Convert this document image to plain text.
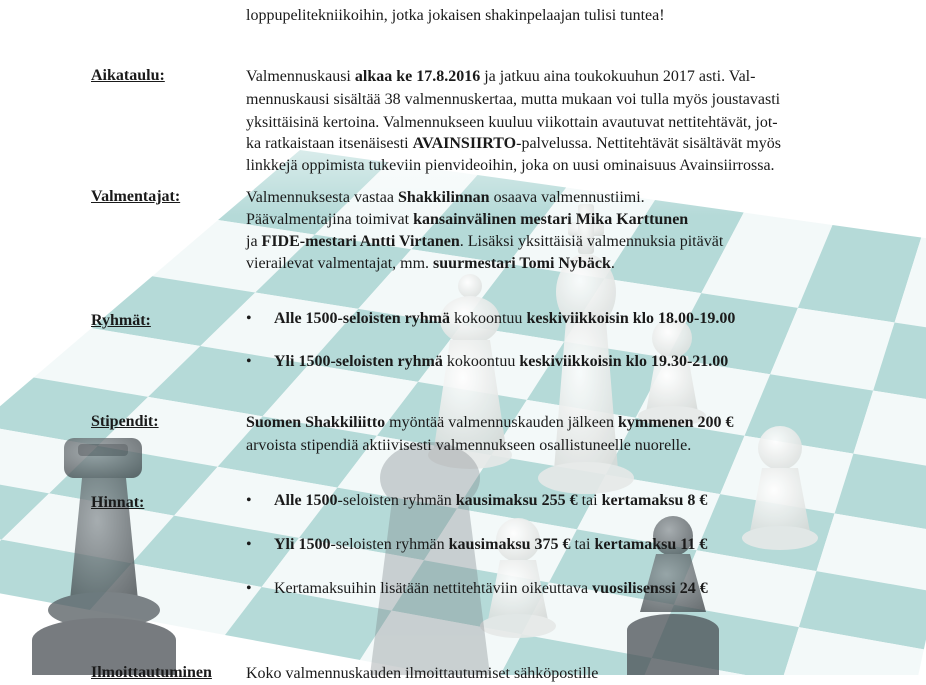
loppupelitekniikoihin, jotka jokaisen shakinpelaajan tulisi tuntea!
Aikataulu:	Valmennuskausi alkaa ke 17.8.2016 ja jatkuu aina toukokuuhun 2017 asti. Val-
mennuskausi sisältää 38 valmennuskertaa, mutta mukaan voi tulla myös joustavasti
yksittäisinä kertoina. Valmennukseen kuuluu viikottain avautuvat nettitehtävät, jot-
ka ratkaistaan itsenäisesti AVAINSIIRTO-palvelussa. Nettitehtävät sisältävät myös
linkkejä oppimista tukeviin pienvideoihin, joka on uusi ominaisuus Avainsiirrossa.
Valmentajat:	Valmennuksesta vastaa Shakkilinnan osaava valmennustiimi.
Päävalmentajina toimivat kansainvälinen mestari Mika Karttunen
ja FIDE-mestari Antti Virtanen. Lisäksi yksittäisiä valmennuksia pitävät
vierailevat valmentajat, mm. suurmestari Tomi Nybäck.
Ryhmät:	• Alle 1500-seloisten ryhmä kokoontuu keskiviikkoisin klo 18.00-19.00
• Yli 1500-seloisten ryhmä kokoontuu keskiviikkoisin klo 19.30-21.00
Stipendit:	Suomen Shakkiliitto myöntää valmennuskauden jälkeen kymmenen 200 €
arvoista stipendiä aktiivisesti valmennukseen osallistuneelle nuorelle.
Hinnat:	• Alle 1500-seloisten ryhmän kausimaksu 255 € tai kertamaksu 8 €
• Yli 1500-seloisten ryhmän kausimaksu 375 € tai kertamaksu 11 €
• Kertamaksuihin lisätään nettitehtäviin oikeuttava vuosilisenssi 24 €
Ilmoittautuminen Koko valmennuskauden ilmoittautumiset sähköpostille
